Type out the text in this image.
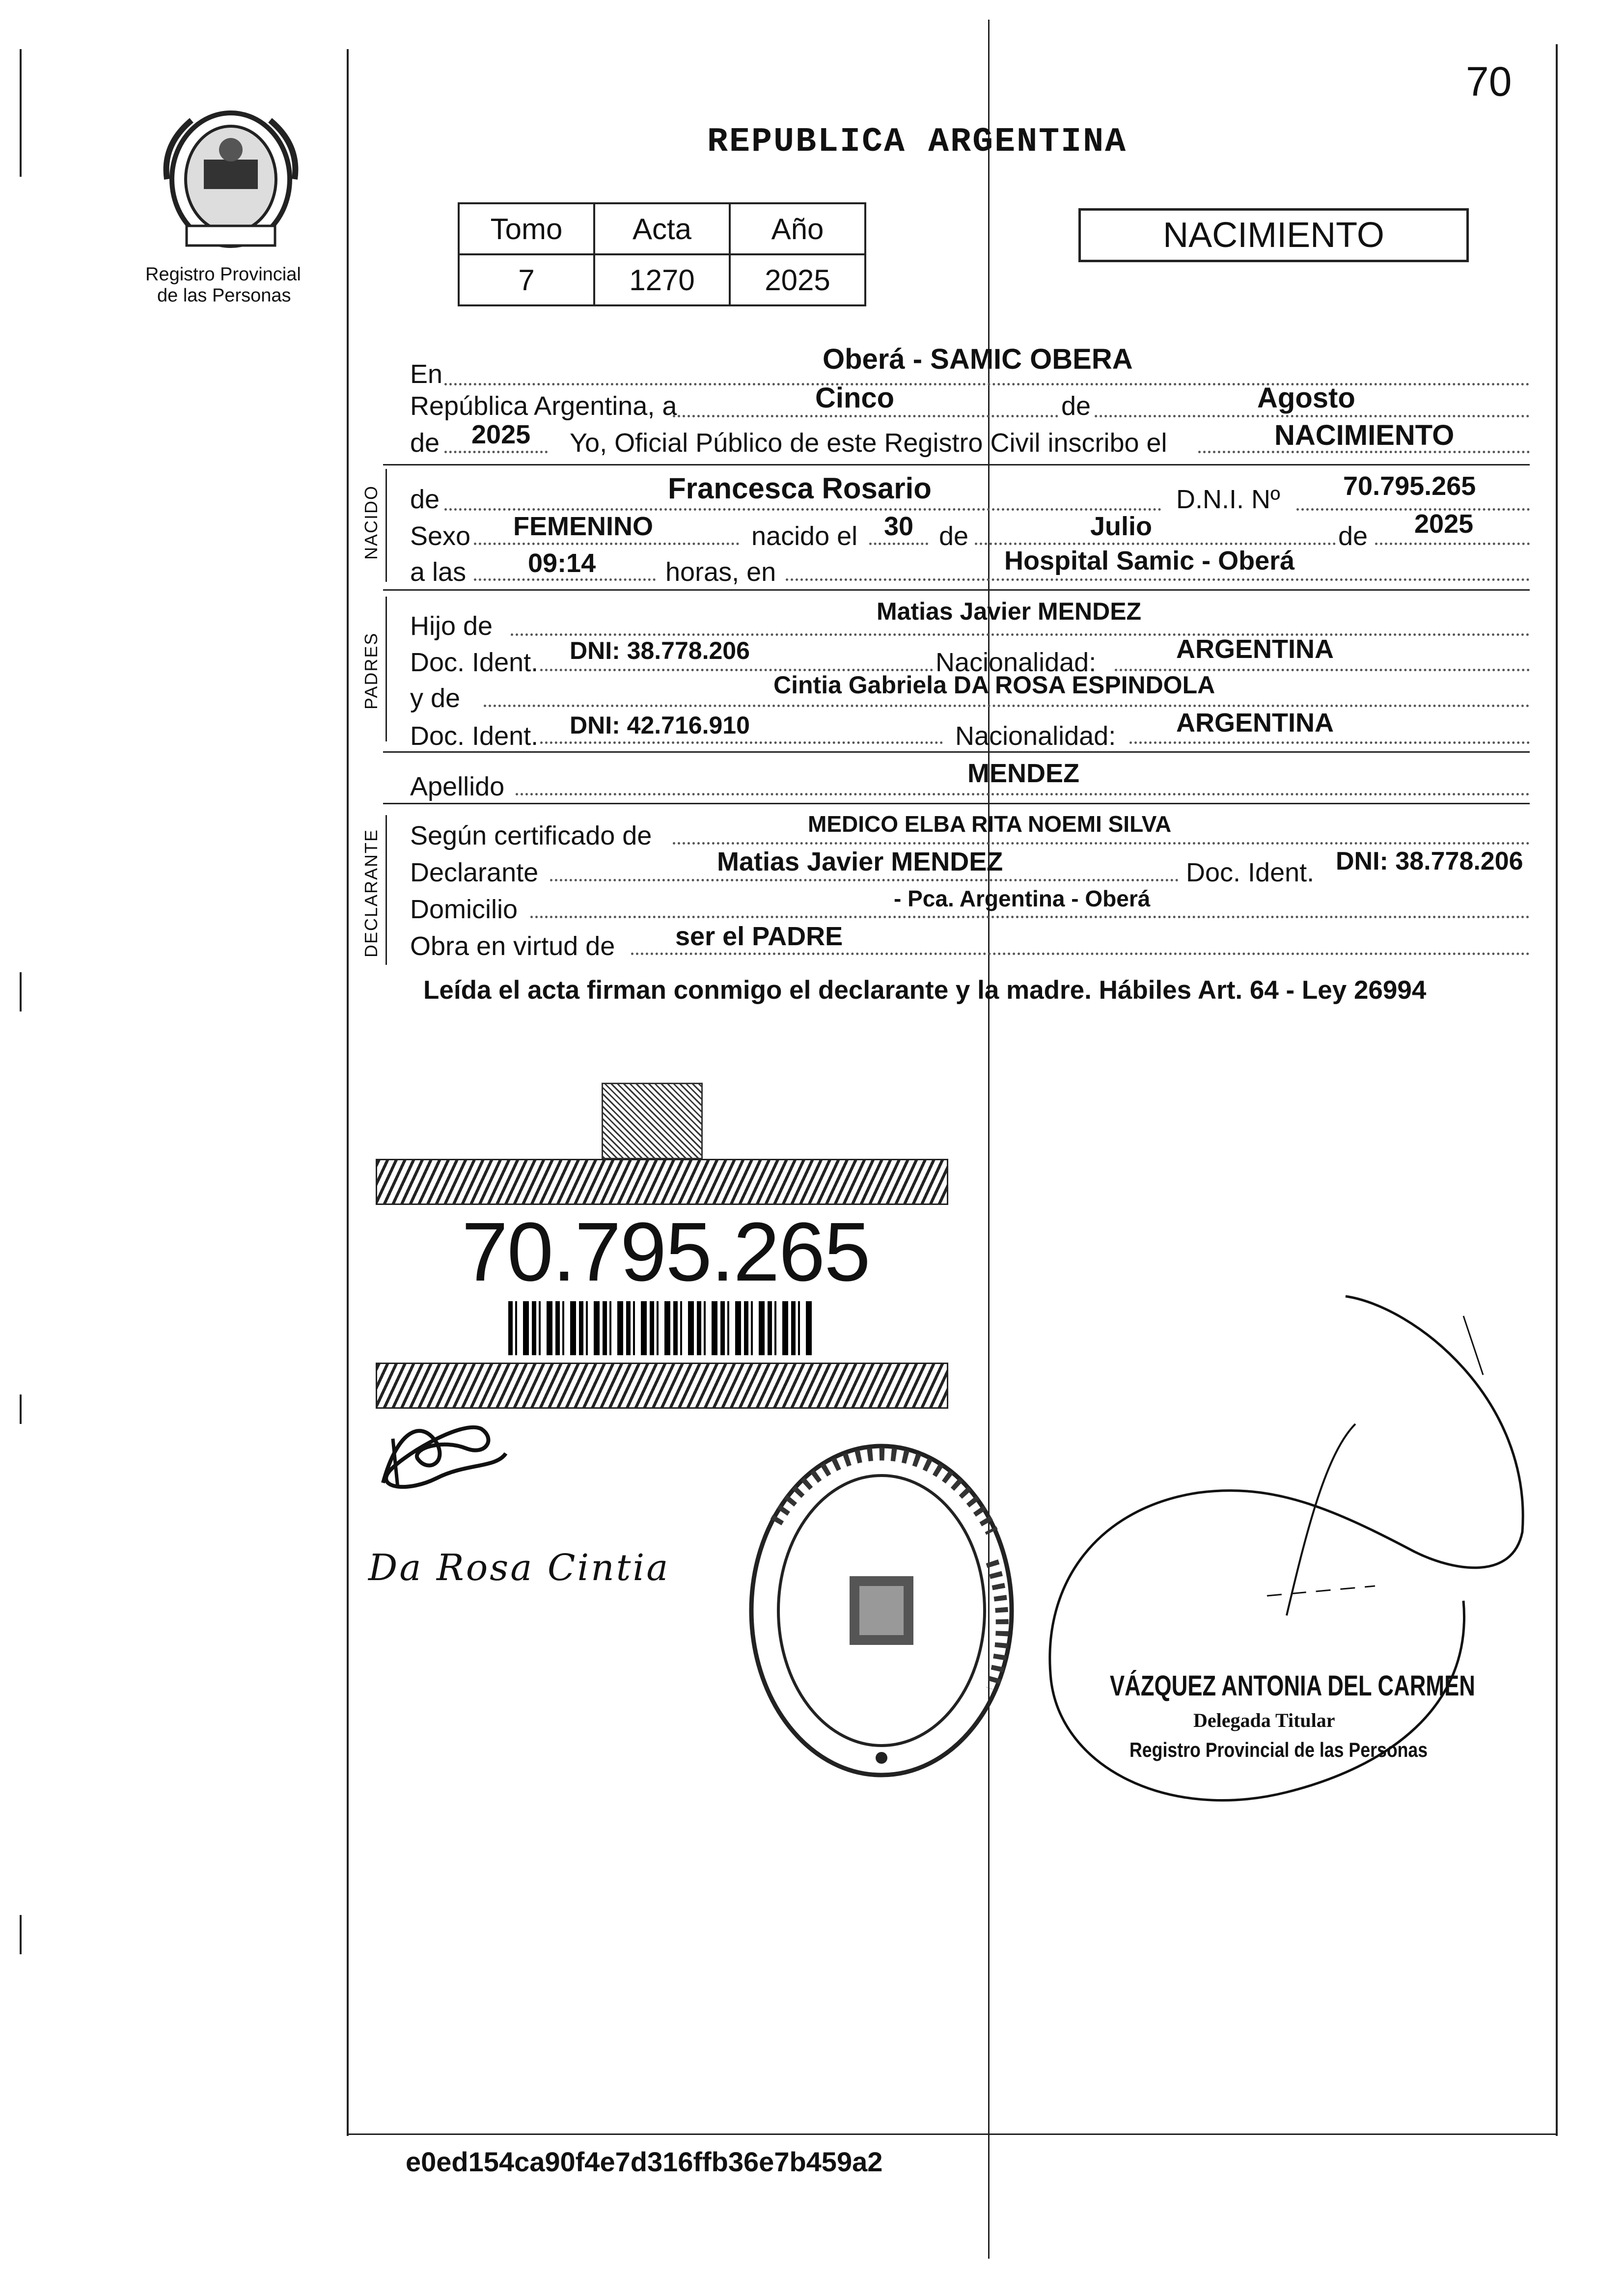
70
Registro Provincial
de las Personas
REPUBLICA ARGENTINA
Tomo	Acta	Año
7	1270	2025
NACIMIENTO
En	Oberá - SAMIC OBERA
República Argentina, a	Cinco	de	Agosto
de 2025 Yo, Oficial Público de este Registro Civil inscribo el	NACIMIENTO
NACIDO de	Francesca Rosario	D.N.I. Nº 70.795.265
Sexo FEMENINO	nacido el 30 de	Julio	de 2025
a las 09:14	horas, en	Hospital Samic - Oberá
PADRES
Hijo de	Matias Javier MENDEZ
Doc. Ident. DNI: 38.778.206	Nacionalidad:	ARGENTINA
y de	Cintia Gabriela DA ROSA ESPINDOLA
Doc. Ident. DNI: 42.716.910	Nacionalidad: ARGENTINA
Apellido	MENDEZ
DECLARANTE Según certificado de	MEDICO ELBA RITA NOEMI SILVA
Declarante	Matias Javier MENDEZ	Doc. Ident. DNI: 38.778.206
Domicilio	- Pca. Argentina - Oberá
Obra en virtud de ser el PADRE
Leída el acta firman conmigo el declarante y la madre. Hábiles Art. 64 - Ley 26994
70.795.265
Da Rosa Cintia
VÁZQUEZ ANTONIA DEL CARMEN
Delegada Titular
Registro Provincial de las Personas
e0ed154ca90f4e7d316ffb36e7b459a2
